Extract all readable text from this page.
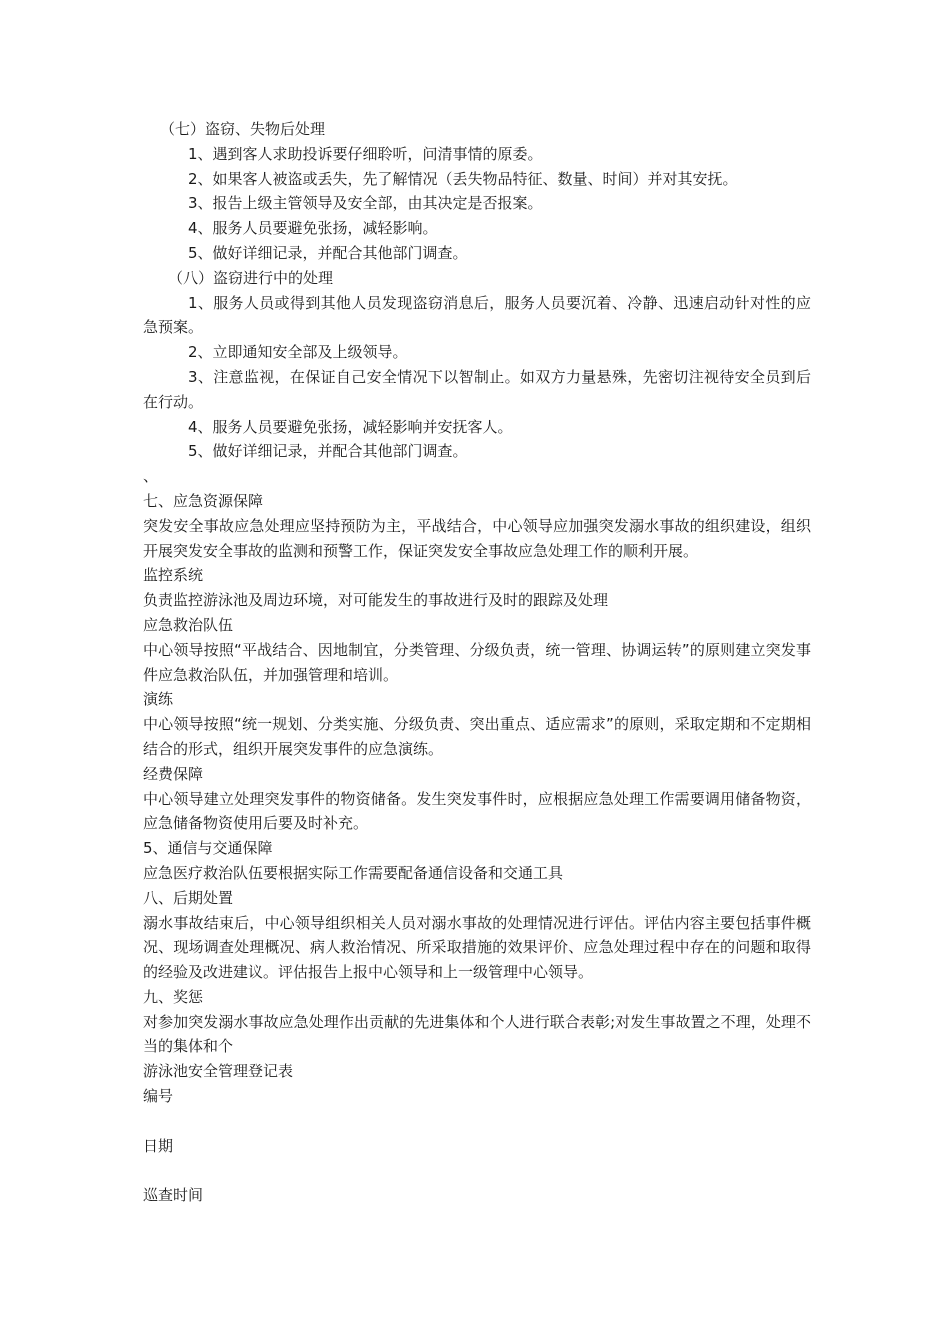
（七）盗窃、失物后处理

1、遇到客人求助投诉要仔细聆听，问清事情的原委。

2、如果客人被盗或丢失，先了解情况（丢失物品特征、数量、时间）并对其安抚。

3、报告上级主管领导及安全部，由其决定是否报案。

4、服务人员要避免张扬，减轻影响。

5、做好详细记录，并配合其他部门调查。

（八）盗窃进行中的处理

1、服务人员或得到其他人员发现盗窃消息后，服务人员要沉着、冷静、迅速启动针对性的应急预案。

2、立即通知安全部及上级领导。

3、注意监视，在保证自己安全情况下以智制止。如双方力量悬殊，先密切注视待安全员到后在行动。

4、服务人员要避免张扬，减轻影响并安抚客人。

5、做好详细记录，并配合其他部门调查。

、

七、应急资源保障

突发安全事故应急处理应坚持预防为主，平战结合，中心领导应加强突发溺水事故的组织建设，组织开展突发安全事故的监测和预警工作，保证突发安全事故应急处理工作的顺利开展。

监控系统

负责监控游泳池及周边环境，对可能发生的事故进行及时的跟踪及处理

应急救治队伍

中心领导按照“平战结合、因地制宜，分类管理、分级负责，统一管理、协调运转”的原则建立突发事件应急救治队伍，并加强管理和培训。

演练

中心领导按照“统一规划、分类实施、分级负责、突出重点、适应需求”的原则，采取定期和不定期相结合的形式，组织开展突发事件的应急演练。

经费保障

中心领导建立处理突发事件的物资储备。发生突发事件时，应根据应急处理工作需要调用储备物资，应急储备物资使用后要及时补充。

5、通信与交通保障

应急医疗救治队伍要根据实际工作需要配备通信设备和交通工具

八、后期处置

溺水事故结束后，中心领导组织相关人员对溺水事故的处理情况进行评估。评估内容主要包括事件概况、现场调查处理概况、病人救治情况、所采取措施的效果评价、应急处理过程中存在的问题和取得的经验及改进建议。评估报告上报中心领导和上一级管理中心领导。

九、奖惩

对参加突发溺水事故应急处理作出贡献的先进集体和个人进行联合表彰;对发生事故置之不理，处理不当的集体和个

游泳池安全管理登记表

编号

日期

巡查时间
